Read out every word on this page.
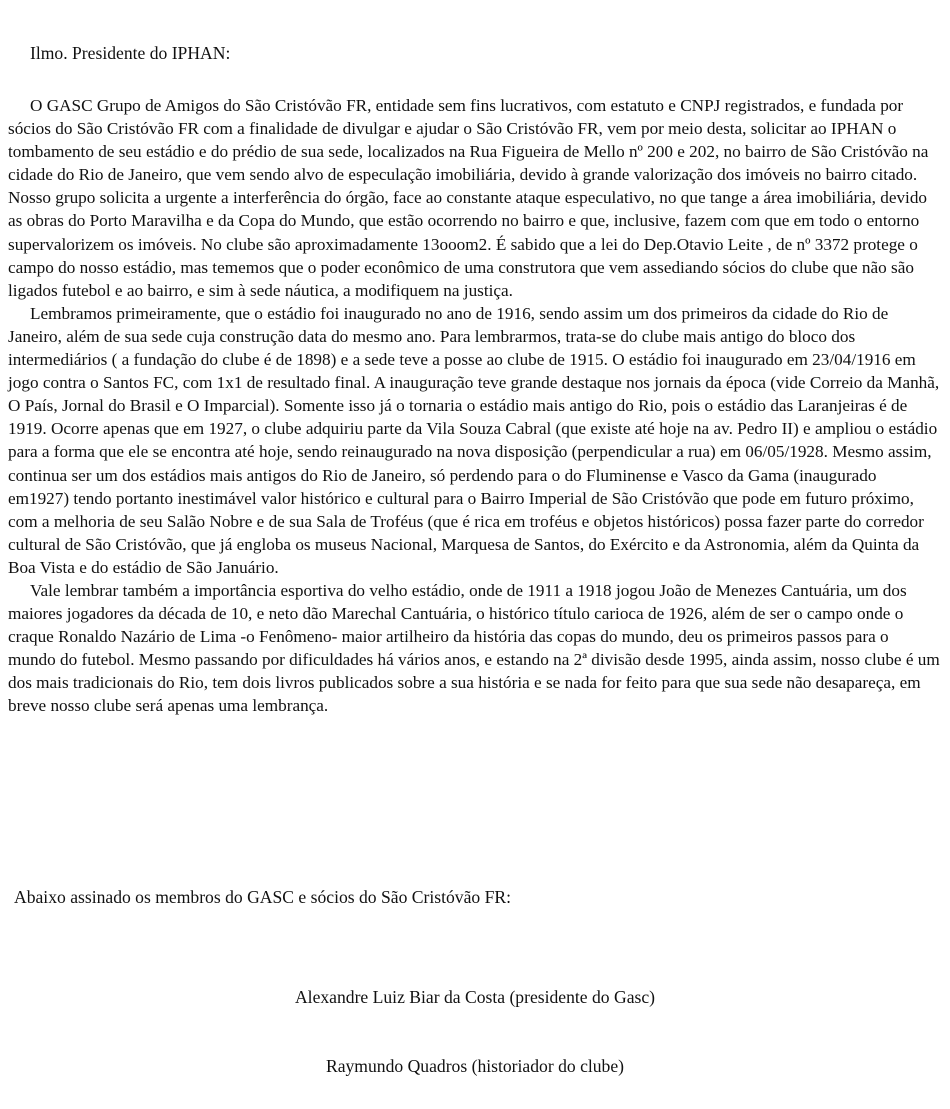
Ilmo. Presidente do IPHAN:

O GASC Grupo de Amigos do São Cristóvão FR, entidade sem fins lucrativos, com estatuto e CNPJ registrados, e fundada por sócios do São Cristóvão FR com a finalidade de divulgar e ajudar o São Cristóvão FR, vem por meio desta, solicitar ao IPHAN o tombamento de seu estádio e do prédio de sua sede, localizados na Rua Figueira de Mello nº 200 e 202, no bairro de São Cristóvão na cidade do Rio de Janeiro, que vem sendo alvo de especulação imobiliária, devido à grande valorização dos imóveis no bairro citado. Nosso grupo solicita a urgente a interferência do órgão, face ao constante ataque especulativo, no que tange a área imobiliária, devido as obras do Porto Maravilha e da Copa do Mundo, que estão ocorrendo no bairro e que, inclusive, fazem com que em todo o entorno supervalorizem os imóveis. No clube são aproximadamente 13ooom2. É sabido que a lei do Dep.Otavio Leite , de nº 3372 protege o campo do nosso estádio, mas tememos que o poder econômico de uma construtora que vem assediando sócios do clube que não são ligados futebol e ao bairro, e sim à sede náutica, a modifiquem na justiça.

Lembramos primeiramente, que o estádio foi inaugurado no ano de 1916, sendo assim um dos primeiros da cidade do Rio de Janeiro, além de sua sede cuja construção data do mesmo ano. Para lembrarmos, trata-se do clube mais antigo do bloco dos intermediários ( a fundação do clube é de 1898) e a sede teve a posse ao clube de 1915. O estádio foi inaugurado em 23/04/1916 em jogo contra o Santos FC, com 1x1 de resultado final. A inauguração teve grande destaque nos jornais da época (vide Correio da Manhã, O País, Jornal do Brasil e O Imparcial). Somente isso já o tornaria o estádio mais antigo do Rio, pois o estádio das Laranjeiras é de 1919. Ocorre apenas que em 1927, o clube adquiriu parte da Vila Souza Cabral (que existe até hoje na av. Pedro II) e ampliou o estádio para a forma que ele se encontra até hoje, sendo reinaugurado na nova disposição (perpendicular a rua) em 06/05/1928. Mesmo assim, continua ser um dos estádios mais antigos do Rio de Janeiro, só perdendo para o do Fluminense e Vasco da Gama (inaugurado em1927) tendo portanto inestimável valor histórico e cultural para o Bairro Imperial de São Cristóvão que pode em futuro próximo, com a melhoria de seu Salão Nobre e de sua Sala de Troféus (que é rica em troféus e objetos históricos) possa fazer parte do corredor cultural de São Cristóvão, que já engloba os museus Nacional, Marquesa de Santos, do Exército e da Astronomia, além da Quinta da Boa Vista e do estádio de São Januário.

Vale lembrar também a importância esportiva do velho estádio, onde de 1911 a 1918 jogou João de Menezes Cantuária, um dos maiores jogadores da década de 10, e neto dão Marechal Cantuária, o histórico título carioca de 1926, além de ser o campo onde o craque Ronaldo Nazário de Lima -o Fenômeno- maior artilheiro da história das copas do mundo, deu os primeiros passos para o mundo do futebol. Mesmo passando por dificuldades há vários anos, e estando na 2ª divisão desde 1995, ainda assim, nosso clube é um dos mais tradicionais do Rio, tem dois livros publicados sobre a sua história e se nada for feito para que sua sede não desapareça, em breve nosso clube será apenas uma lembrança.

Abaixo assinado os membros do GASC e sócios do São Cristóvão FR:
Alexandre Luiz Biar da Costa (presidente do Gasc)
Raymundo Quadros (historiador do clube)
